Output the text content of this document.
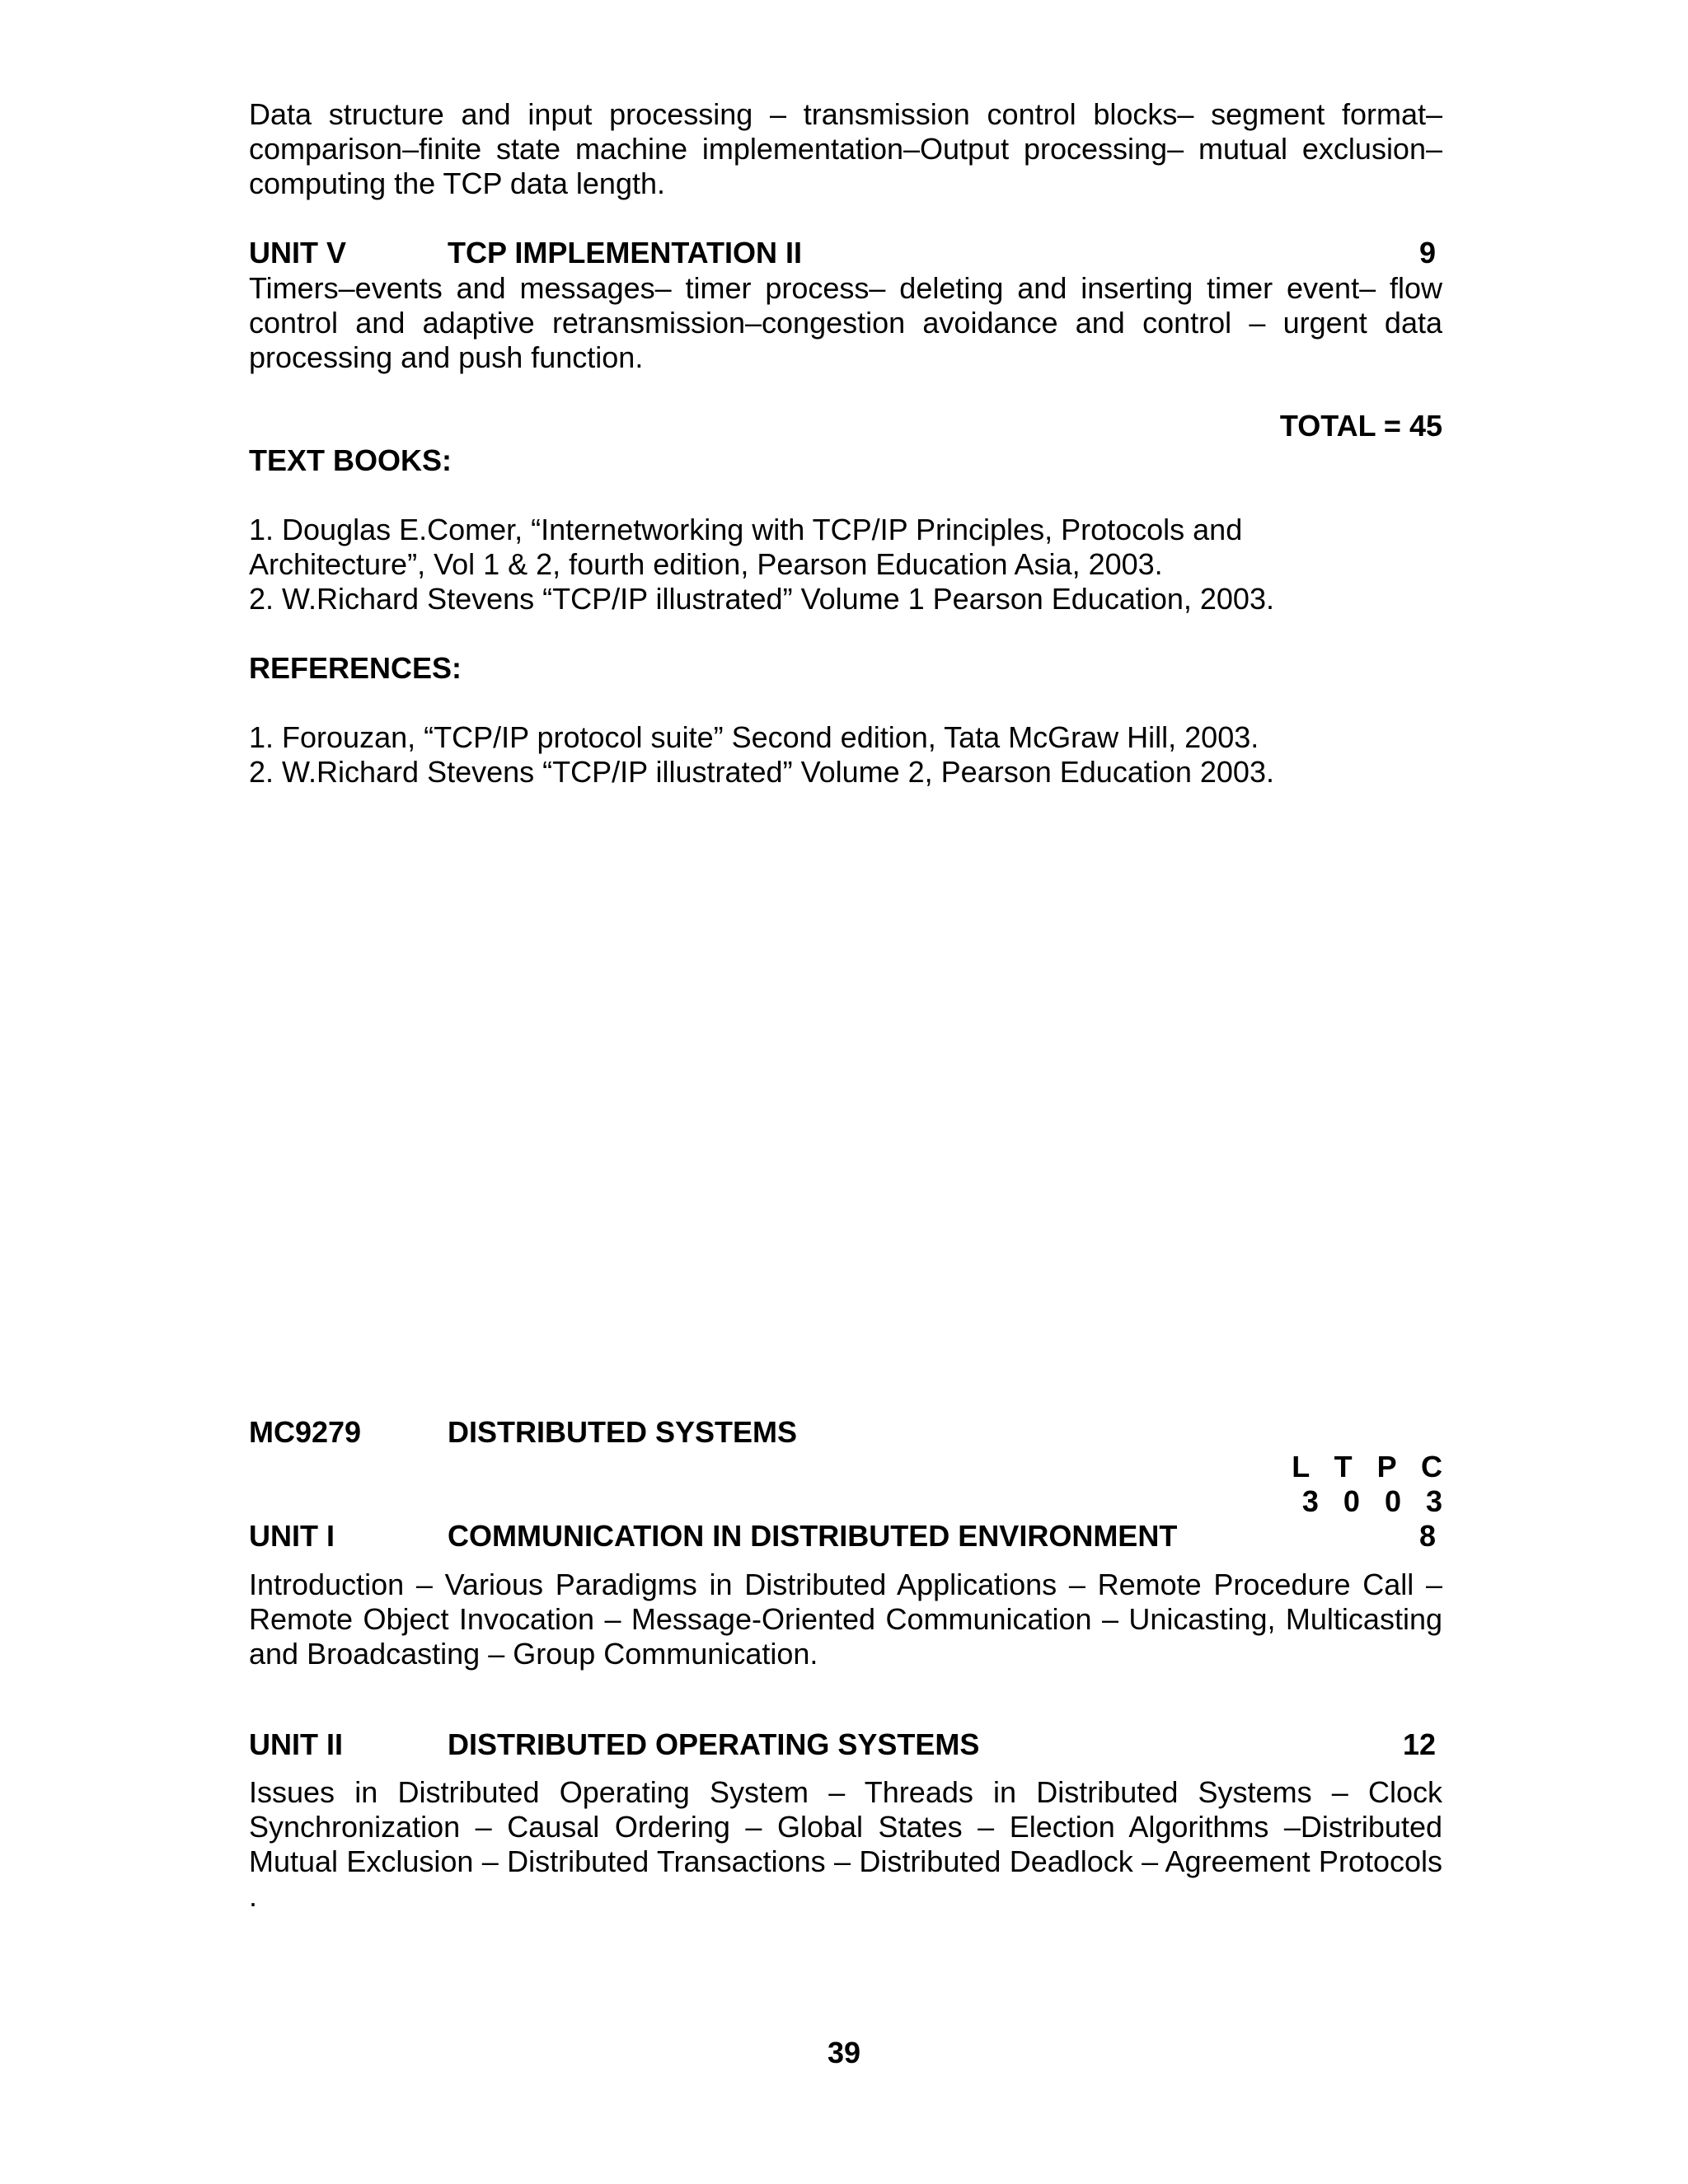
Data structure and input processing – transmission control blocks– segment format– comparison–finite state machine implementation–Output processing– mutual exclusion– computing the TCP data length.

UNIT V	TCP IMPLEMENTATION II	9

Timers–events and messages– timer process– deleting and inserting timer event– flow control and adaptive retransmission–congestion avoidance and control – urgent data processing and push function.

TOTAL = 45
TEXT BOOKS:
1. Douglas E.Comer, “Internetworking with TCP/IP Principles, Protocols and
Architecture”, Vol 1 & 2, fourth edition, Pearson Education Asia, 2003.
2. W.Richard Stevens “TCP/IP illustrated” Volume 1 Pearson Education, 2003.
REFERENCES:
1. Forouzan, “TCP/IP protocol suite” Second edition, Tata McGraw Hill, 2003.
2. W.Richard Stevens “TCP/IP illustrated” Volume 2, Pearson Education 2003.
MC9279	DISTRIBUTED SYSTEMS
L T P C
3 0 0 3
UNIT I	COMMUNICATION IN DISTRIBUTED ENVIRONMENT	8

Introduction – Various Paradigms in Distributed Applications – Remote Procedure Call – Remote Object Invocation – Message-Oriented Communication – Unicasting, Multicasting and Broadcasting – Group Communication.

UNIT II	DISTRIBUTED OPERATING SYSTEMS	12

Issues in Distributed Operating System – Threads in Distributed Systems – Clock Synchronization – Causal Ordering – Global States – Election Algorithms –Distributed Mutual Exclusion – Distributed Transactions – Distributed Deadlock – Agreement Protocols .

39
